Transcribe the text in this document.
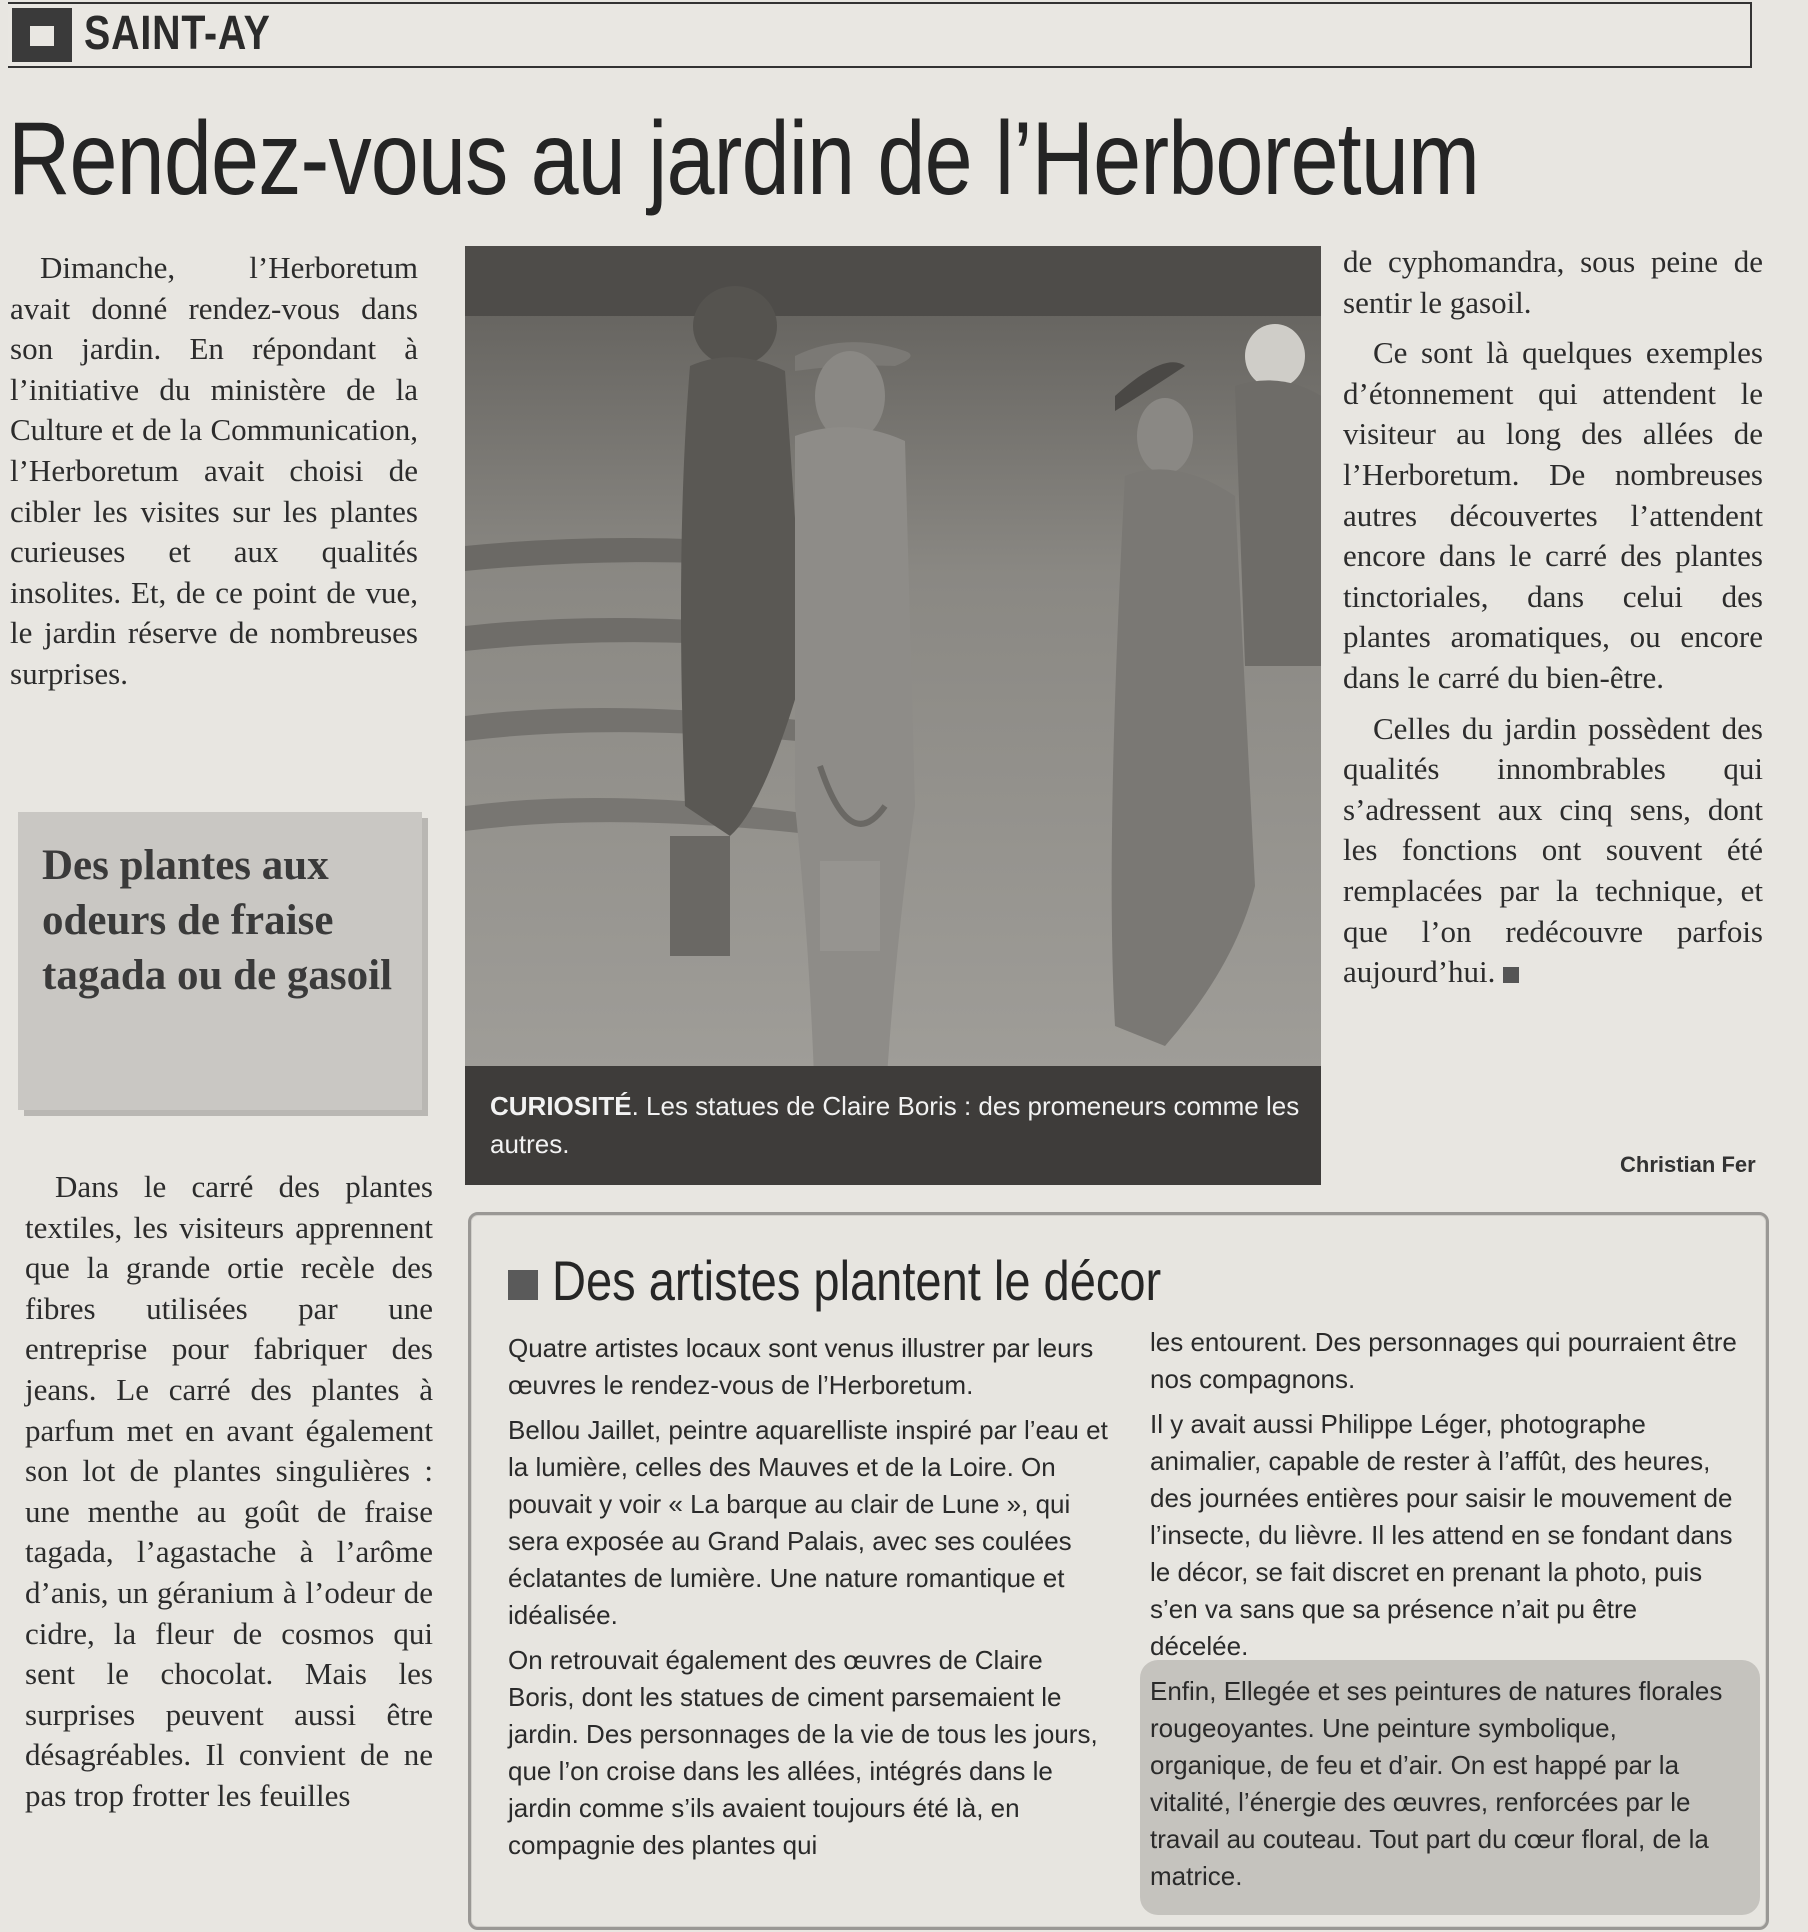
SAINT-AY
Rendez-vous au jardin de l’Herboretum

Dimanche, l’Herboretum avait donné rendez-vous dans son jardin. En répondant à l’initiative du ministère de la Culture et de la Communication, l’Herboretum avait choisi de cibler les visites sur les plantes curieuses et aux qualités insolites. Et, de ce point de vue, le jardin réserve de nombreuses surprises.

Des plantes aux odeurs de fraise tagada ou de gasoil

Dans le carré des plantes textiles, les visiteurs apprennent que la grande ortie recèle des fibres utilisées par une entreprise pour fabriquer des jeans. Le carré des plantes à parfum met en avant également son lot de plantes singulières : une menthe au goût de fraise tagada, l’agastache à l’arôme d’anis, un géranium à l’odeur de cidre, la fleur de cosmos qui sent le chocolat. Mais les surprises peuvent aussi être désagréables. Il convient de ne pas trop frotter les feuilles

CURIOSITÉ. Les statues de Claire Boris : des promeneurs comme les autres.

de cyphomandra, sous peine de sentir le gasoil.

Ce sont là quelques exemples d’étonnement qui attendent le visiteur au long des allées de l’Herboretum. De nombreuses autres découvertes l’attendent encore dans le carré des plantes tinctoriales, dans celui des plantes aromatiques, ou encore dans le carré du bien-être.

Celles du jardin possèdent des qualités innombrables qui s’adressent aux cinq sens, dont les fonctions ont souvent été remplacées par la technique, et que l’on redécouvre parfois aujourd’hui.

Christian Fer
Des artistes plantent le décor

Quatre artistes locaux sont venus illustrer par leurs œuvres le rendez-vous de l’Herboretum.

Bellou Jaillet, peintre aquarelliste inspiré par l’eau et la lumière, celles des Mauves et de la Loire. On pouvait y voir « La barque au clair de Lune », qui sera exposée au Grand Palais, avec ses coulées éclatantes de lumière. Une nature romantique et idéalisée.

On retrouvait également des œuvres de Claire Boris, dont les statues de ciment parsemaient le jardin. Des personnages de la vie de tous les jours, que l’on croise dans les allées, intégrés dans le jardin comme s’ils avaient toujours été là, en compagnie des plantes qui

les entourent. Des personnages qui pourraient être nos compagnons.

Il y avait aussi Philippe Léger, photographe animalier, capable de rester à l’affût, des heures, des journées entières pour saisir le mouvement de l’insecte, du lièvre. Il les attend en se fondant dans le décor, se fait discret en prenant la photo, puis s’en va sans que sa présence n’ait pu être décelée.

Enfin, Ellegée et ses peintures de natures florales rougeoyantes. Une peinture symbolique, organique, de feu et d’air. On est happé par la vitalité, l’énergie des œuvres, renforcées par le travail au couteau. Tout part du cœur floral, de la matrice.
